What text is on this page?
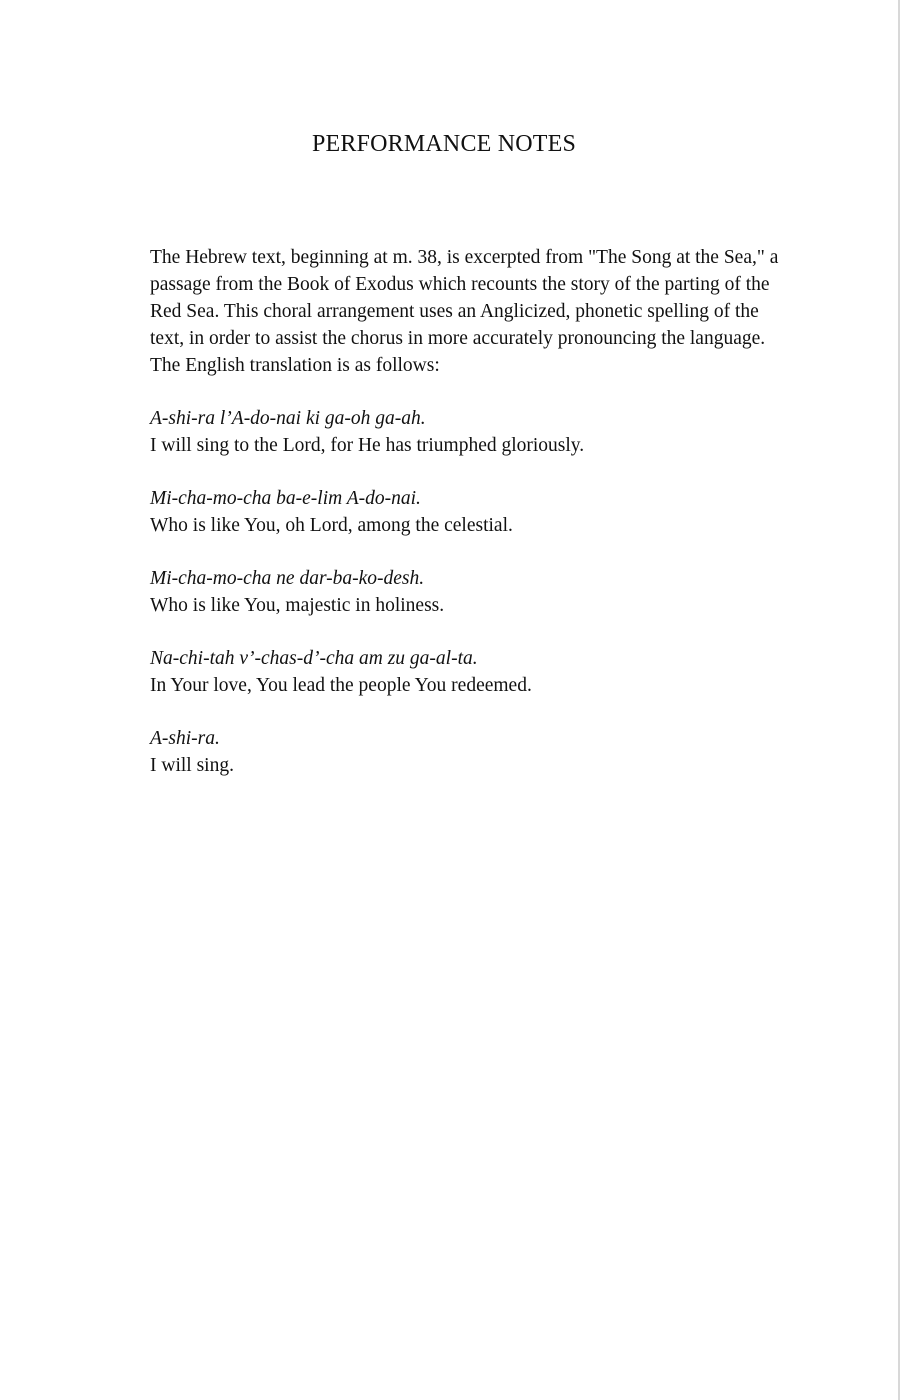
PERFORMANCE NOTES

The Hebrew text, beginning at m. 38, is excerpted from "The Song at the Sea," a passage from the Book of Exodus which recounts the story of the parting of the Red Sea. This choral arrangement uses an Anglicized, phonetic spelling of the text, in order to assist the chorus in more accurately pronouncing the language. The English translation is as follows:

A-shi-ra l’A-do-nai ki ga-oh ga-ah.
I will sing to the Lord, for He has triumphed gloriously.
Mi-cha-mo-cha ba-e-lim A-do-nai.
Who is like You, oh Lord, among the celestial.
Mi-cha-mo-cha ne dar-ba-ko-desh.
Who is like You, majestic in holiness.
Na-chi-tah v’-chas-d’-cha am zu ga-al-ta.
In Your love, You lead the people You redeemed.
A-shi-ra.
I will sing.
